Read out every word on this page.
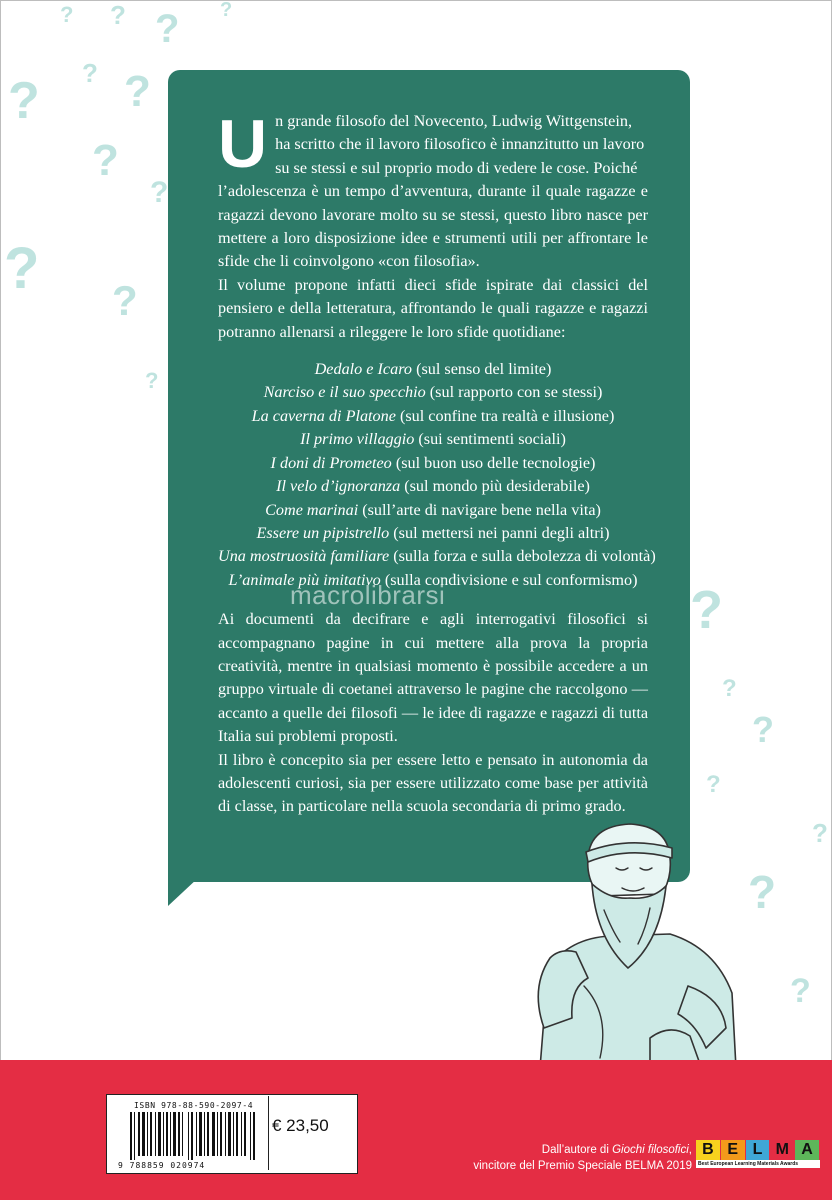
? ? ? ?
? ? ?
?
?
? ?
?
?
?
?
?
?
?
?
U n grande filosofo del Novecento, Ludwig Wittgenstein,
ha scritto che il lavoro filosofico è innanzitutto un lavoro
su se stessi e sul proprio modo di vedere le cose. Poiché

l’adolescenza è un tempo d’avventura, durante il quale ragazze e ragazzi devono lavorare molto su se stessi, questo libro nasce per mettere a loro disposizione idee e strumenti utili per affrontare le sfide che li coinvolgono «con filosofia».

Il volume propone infatti dieci sfide ispirate dai classici del pensiero e della letteratura, affrontando le quali ragazze e ragazzi potranno allenarsi a rileggere le loro sfide quotidiane:

Dedalo e Icaro (sul senso del limite)
Narciso e il suo specchio (sul rapporto con se stessi)
La caverna di Platone (sul confine tra realtà e illusione)
Il primo villaggio (sui sentimenti sociali)
I doni di Prometeo (sul buon uso delle tecnologie)
Il velo d’ignoranza (sul mondo più desiderabile)
Come marinai (sull’arte di navigare bene nella vita)
Essere un pipistrello (sul mettersi nei panni degli altri)
Una mostruosità familiare (sulla forza e sulla debolezza di volontà)
L’animale più imitativo (sulla condivisione e sul conformismo)

Ai documenti da decifrare e agli interrogativi filosofici si accompagnano pagine in cui mettere alla prova la propria creatività, mentre in qualsiasi momento è possibile accedere a un gruppo virtuale di coetanei attraverso le pagine che raccolgono — accanto a quelle dei filosofi — le idee di ragazze e ragazzi di tutta Italia sui problemi proposti.

Il libro è concepito sia per essere letto e pensato in autonomia da adolescenti curiosi, sia per essere utilizzato come base per attività di classe, in particolare nella scuola secondaria di primo grado.

macrolibrarsi
ISBN 978-88-590-2097-4
9 788859 020974
€ 23,50
Dall’autore di Giochi filosofici,
vincitore del Premio Speciale BELMA 2019
B E L M A
Best European Learning Materials Awards
